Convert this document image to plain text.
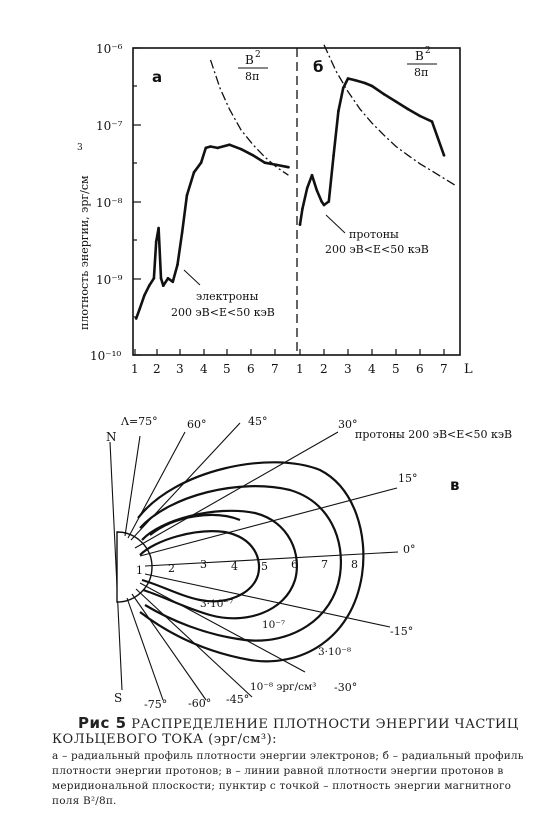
10⁻⁶
10⁻⁷
10⁻⁸
10⁻⁹
10⁻¹⁰
плотность энергии, эрг/см
3
1 2 3 4 5 6 7 1 2 3 4 5 6 7 L
а
б
B 2
8π
B 2
8π
электроны
200 эВ<E<50 кэВ
протоны
200 эВ<E<50 кэВ
в
протоны 200 эВ<E<50 кэВ
N
S
Λ=75°	60°	45°	30°
15°
0°
-15°
-30°
-45°
-60°
-75°
1 2 3 4 5 6 7 8
3·10⁻⁷
10⁻⁷
3·10⁻⁸
10⁻⁸ эрг/см³
Рис 5 РАСПРЕДЕЛЕНИЕ ПЛОТНОСТИ ЭНЕРГИИ ЧАСТИЦ
КОЛЬЦЕВОГО ТОКА (эрг/см³):
а – радиальный профиль плотности энергии электронов; б – радиальный профиль плотности энергии протонов; в – линии равной плотности энергии протонов в меридиональной плоскости; пунктир с точкой – плотность энергии магнитного поля B²/8π.
